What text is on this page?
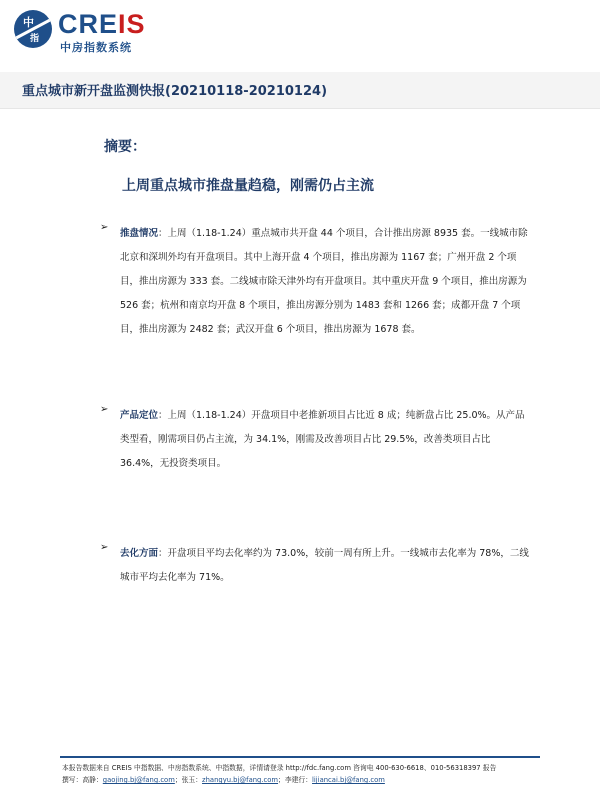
中
指 CREIS
中房指数系统
重点城市新开盘监测快报(20210118-20210124)
摘要：
上周重点城市推盘量趋稳，刚需仍占主流
➢
推盘情况：上周（1.18-1.24）重点城市共开盘 44 个项目，合计推出房源 8935 套。一线城市除北京和深圳外均有开盘项目。其中上海开盘 4 个项目，推出房源为 1167 套；广州开盘 2 个项目，推出房源为 333 套。二线城市除天津外均有开盘项目。其中重庆开盘 9 个项目，推出房源为 526 套；杭州和南京均开盘 8 个项目，推出房源分别为 1483 套和 1266 套；成都开盘 7 个项目，推出房源为 2482 套；武汉开盘 6 个项目，推出房源为 1678 套。
➢
产品定位：上周（1.18-1.24）开盘项目中老推新项目占比近 8 成；纯新盘占比 25.0%。从产品类型看，刚需项目仍占主流，为 34.1%，刚需及改善项目占比 29.5%，改善类项目占比 36.4%，无投资类项目。
➢
去化方面：开盘项目平均去化率约为 73.0%，较前一周有所上升。一线城市去化率为 78%，二线城市平均去化率为 71%。
本报告数据来自 CREIS 中指数据、中房指数系统、中指数据，详情请登录 http://fdc.fang.com 咨询电 400-630-6618、010-56318397 报告
撰写：高静：gaojing.bj@fang.com；张玉：zhangyu.bj@fang.com；李建行：lijiancai.bj@fang.com
